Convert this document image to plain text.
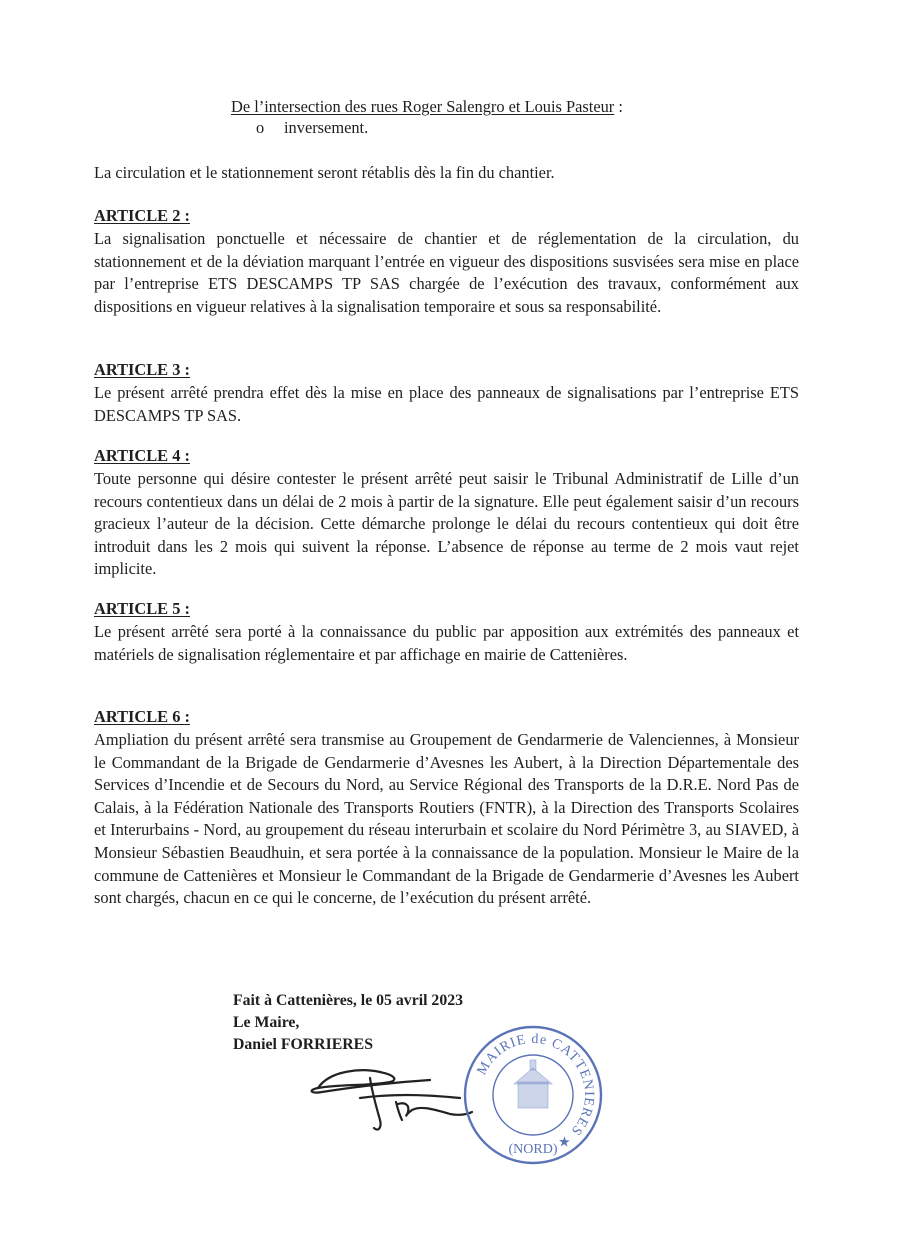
De l’intersection des rues Roger Salengro et Louis Pasteur :

o inversement.

La circulation et le stationnement seront rétablis dès la fin du chantier.

ARTICLE 2 :

La signalisation ponctuelle et nécessaire de chantier et de réglementation de la circulation, du stationnement et de la déviation marquant l’entrée en vigueur des dispositions susvisées sera mise en place par l’entreprise ETS DESCAMPS TP SAS chargée de l’exécution des travaux, conformément aux dispositions en vigueur relatives à la signalisation temporaire et sous sa responsabilité.

ARTICLE 3 :

Le présent arrêté prendra effet dès la mise en place des panneaux de signalisations par l’entreprise ETS DESCAMPS TP SAS.

ARTICLE 4 :

Toute personne qui désire contester le présent arrêté peut saisir le Tribunal Administratif de Lille d’un recours contentieux dans un délai de 2 mois à partir de la signature. Elle peut également saisir d’un recours gracieux l’auteur de la décision. Cette démarche prolonge le délai du recours contentieux qui doit être introduit dans les 2 mois qui suivent la réponse. L’absence de réponse au terme de 2 mois vaut rejet implicite.

ARTICLE 5 :

Le présent arrêté sera porté à la connaissance du public par apposition aux extrémités des panneaux et matériels de signalisation réglementaire et par affichage en mairie de Cattenières.

ARTICLE 6 :

Ampliation du présent arrêté sera transmise au Groupement de Gendarmerie de Valenciennes, à Monsieur le Commandant de la Brigade de Gendarmerie d’Avesnes les Aubert, à la Direction Départementale des Services d’Incendie et de Secours du Nord, au Service Régional des Transports de la D.R.E. Nord Pas de Calais, à la Fédération Nationale des Transports Routiers (FNTR), à la Direction des Transports Scolaires et Interurbains - Nord, au groupement du réseau interurbain et scolaire du Nord Périmètre 3, au SIAVED, à Monsieur Sébastien Beaudhuin, et sera portée à la connaissance de la population. Monsieur le Maire de la commune de Cattenières et Monsieur le Commandant de la Brigade de Gendarmerie d’Avesnes les Aubert sont chargés, chacun en ce qui le concerne, de l’exécution du présent arrêté.

Fait à Cattenières, le 05 avril 2023

Le Maire,

Daniel FORRIERES

MAIRIE de CATTENIERES ★
(NORD)
